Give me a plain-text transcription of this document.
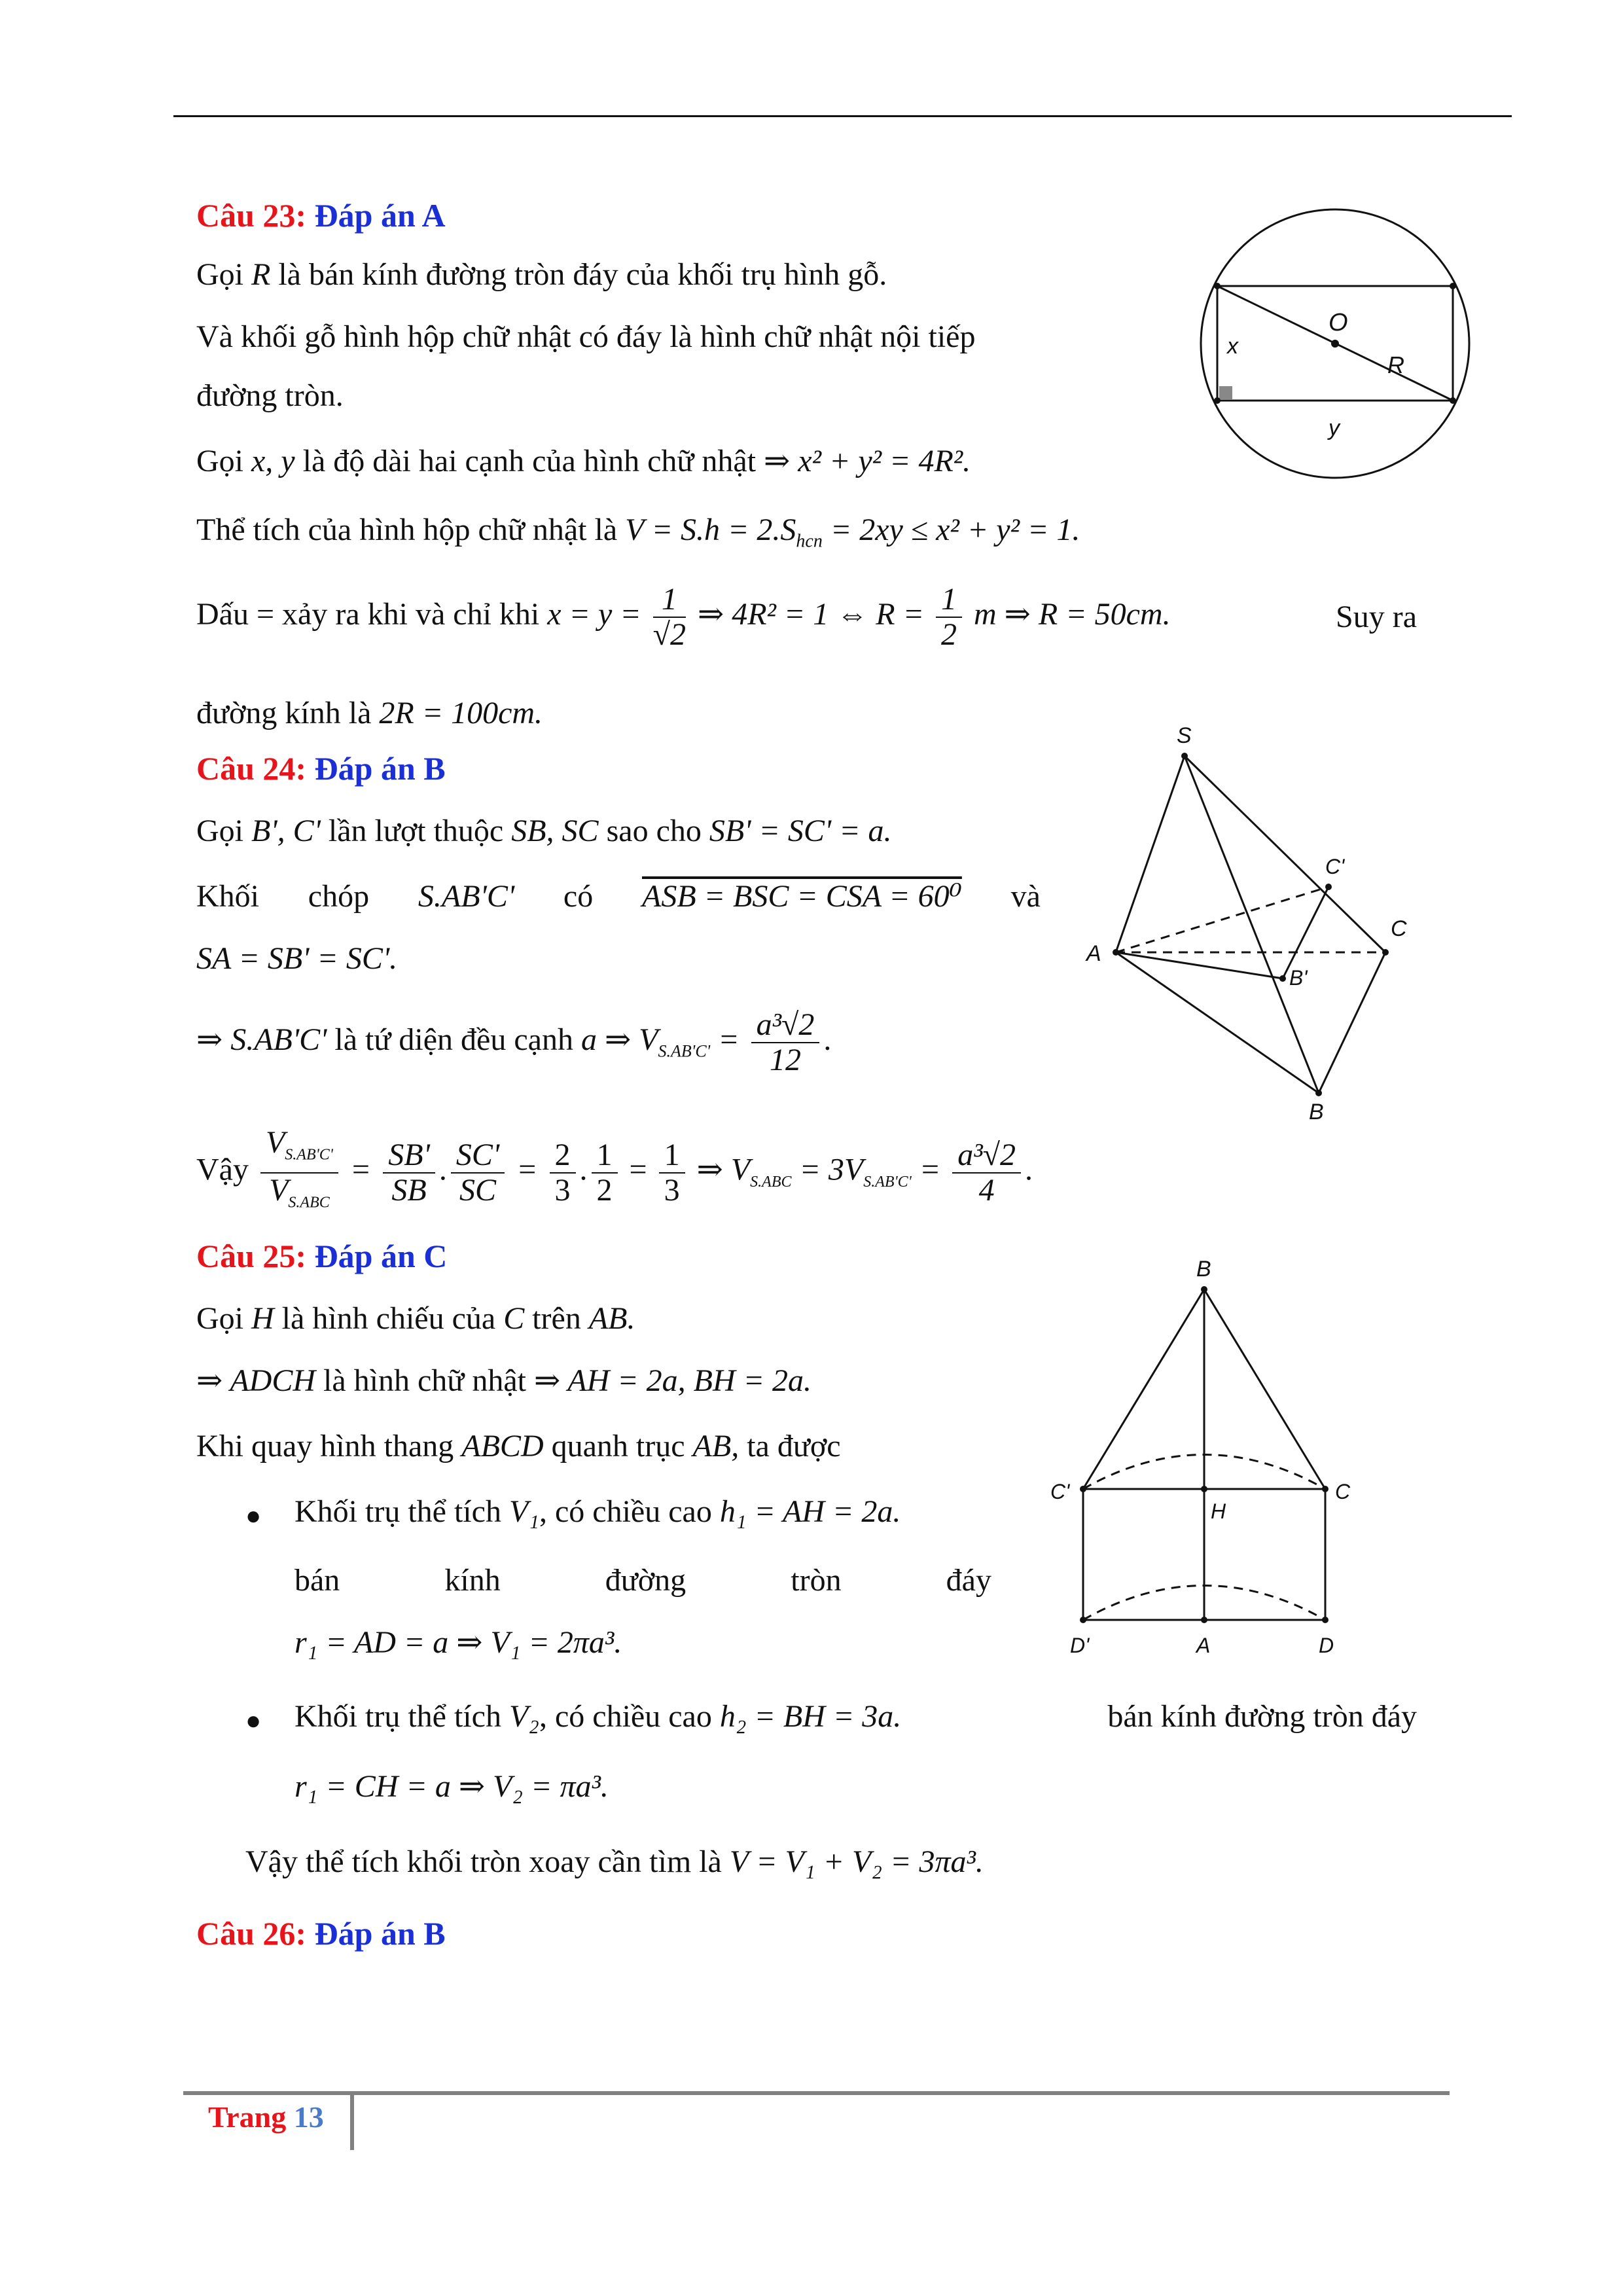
Câu 23: Đáp án A
Gọi R là bán kính đường tròn đáy của khối trụ hình gỗ.
Và khối gỗ hình hộp chữ nhật có đáy là hình chữ nhật nội tiếp
đường tròn.
Gọi x, y là độ dài hai cạnh của hình chữ nhật ⇒ x² + y² = 4R².
Thể tích của hình hộp chữ nhật là $V = S.h = 2.S_{hcn} = 2xy \le x^2 + y^2 = 1$.
Dấu = xảy ra khi và chỉ khi $x = y = \frac{1}{√2}$ ⇒ 4R² = 1 ⇔ $R = \frac{1}{2}$ m ⇒ R = 50cm.	Suy ra
đường kính là 2R = 100cm.
O
x
R
y
Câu 24: Đáp án B
Gọi B', C' lần lượt thuộc SB, SC sao cho SB' = SC' = a.
Khối chóp S.AB'C' có ASB = BSC = CSA = 60⁰ và
SA = SB' = SC'.
⇒ S.AB'C' là tứ diện đều cạnh a ⇒ $V_{S.AB'C'} = \frac{\text{a³√2}}{12}$ .
Vậy $\frac{V_{S.AB'C'}}{V_{S.ABC}} = \frac{SB'}{SB}$ . $\frac{SC'}{SC} = \frac{2}{3}$ . $\frac{1}{2} = \frac{1}{3}$ ⇒ $V_{S.ABC} = 3V_{S.AB'C'} = \frac{\text{a³√2}}{4}$ .
S
A
B
C
B'
C'
Câu 25: Đáp án C
Gọi H là hình chiếu của C trên AB.
⇒ ADCH là hình chữ nhật ⇒ AH = 2a, BH = 2a.
Khi quay hình thang ABCD quanh trục AB, ta được
● Khối trụ thể tích V₁, có chiều cao h₁ = AH = 2a.
bán	kính	đường	tròn	đáy
r₁ = AD = a ⇒ V₁ = 2πa³.
● Khối trụ thể tích V₂, có chiều cao h₂ = BH = 3a.	bán kính đường tròn đáy
r₁ = CH = a ⇒ V₂ = πa³.
Vậy thể tích khối tròn xoay cần tìm là V = V₁ + V₂ = 3πa³.
B
C'
H
C
D'	A	D
Câu 26: Đáp án B
Trang 13
